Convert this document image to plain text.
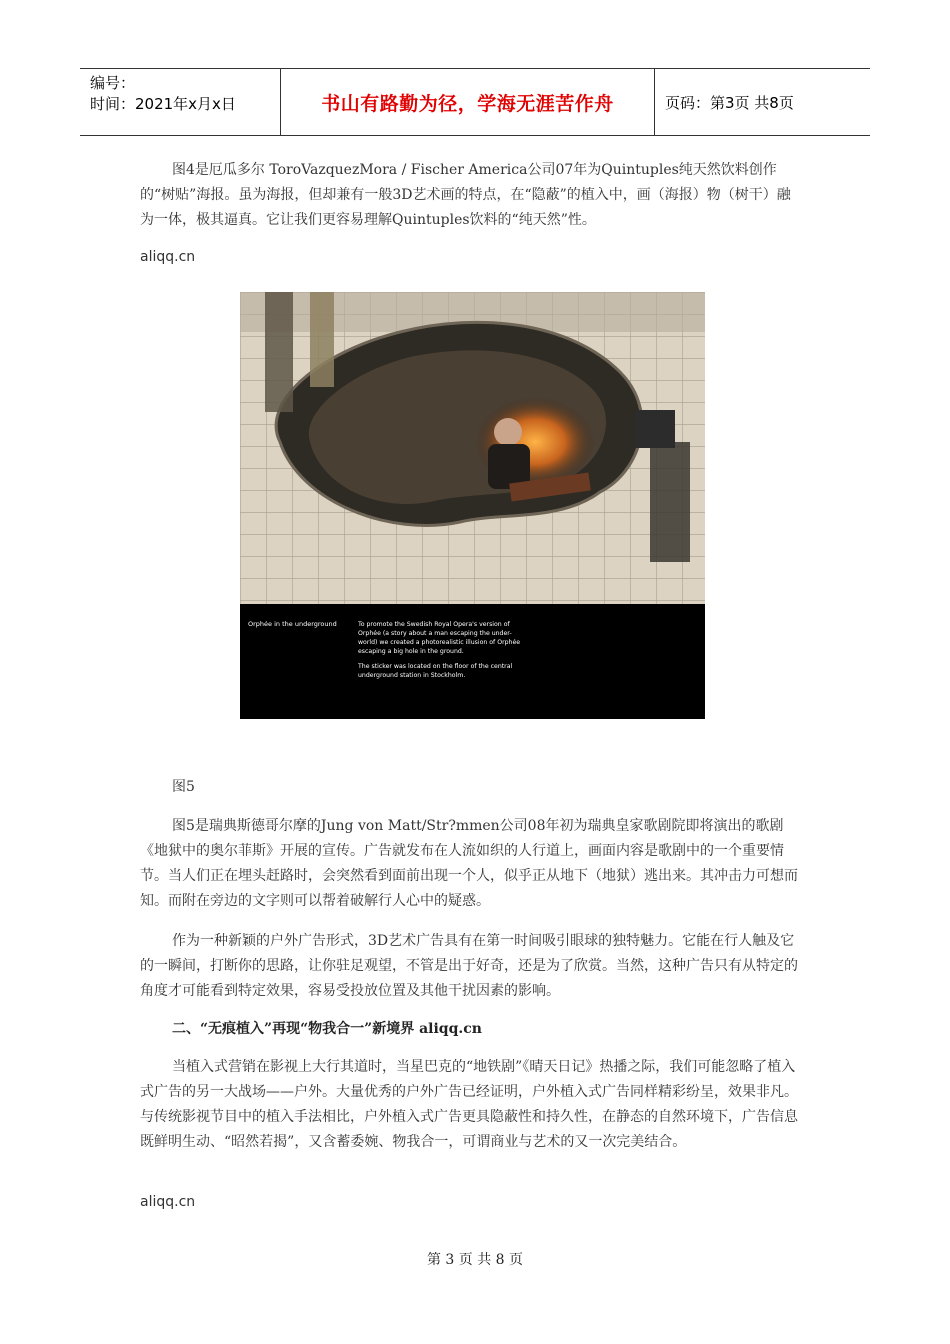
编号：
时间：2021年x月x日	书山有路勤为径，学海无涯苦作舟	页码：第3页 共8页
图4是厄瓜多尔 ToroVazquezMora / Fischer America公司07年为Quintuples纯天然饮料创作的“树贴”海报。虽为海报，但却兼有一般3D艺术画的特点，在“隐蔽”的植入中，画（海报）物（树干）融为一体，极其逼真。它让我们更容易理解Quintuples饮料的“纯天然”性。
aliqq.cn
Orphée in the underground	To promote the Swedish Royal Opera's version of Orphée (a story about a man escaping the under-world) we created a photorealistic illusion of Orphée escaping a big hole in the ground.

The sticker was located on the floor of the central underground station in Stockholm.

图5
图5是瑞典斯德哥尔摩的Jung von Matt/Str?mmen公司08年初为瑞典皇家歌剧院即将演出的歌剧《地狱中的奥尔菲斯》开展的宣传。广告就发布在人流如织的人行道上，画面内容是歌剧中的一个重要情节。当人们正在埋头赶路时，会突然看到面前出现一个人，似乎正从地下（地狱）逃出来。其冲击力可想而知。而附在旁边的文字则可以帮着破解行人心中的疑惑。
作为一种新颖的户外广告形式，3D艺术广告具有在第一时间吸引眼球的独特魅力。它能在行人触及它的一瞬间，打断你的思路，让你驻足观望，不管是出于好奇，还是为了欣赏。当然，这种广告只有从特定的角度才可能看到特定效果，容易受投放位置及其他干扰因素的影响。
二、“无痕植入”再现“物我合一”新境界 aliqq.cn
当植入式营销在影视上大行其道时，当星巴克的“地铁剧”《晴天日记》热播之际，我们可能忽略了植入式广告的另一大战场——户外。大量优秀的户外广告已经证明，户外植入式广告同样精彩纷呈，效果非凡。与传统影视节目中的植入手法相比，户外植入式广告更具隐蔽性和持久性，在静态的自然环境下，广告信息既鲜明生动、“昭然若揭”，又含蓄委婉、物我合一，可谓商业与艺术的又一次完美结合。
aliqq.cn
第 3 页 共 8 页
